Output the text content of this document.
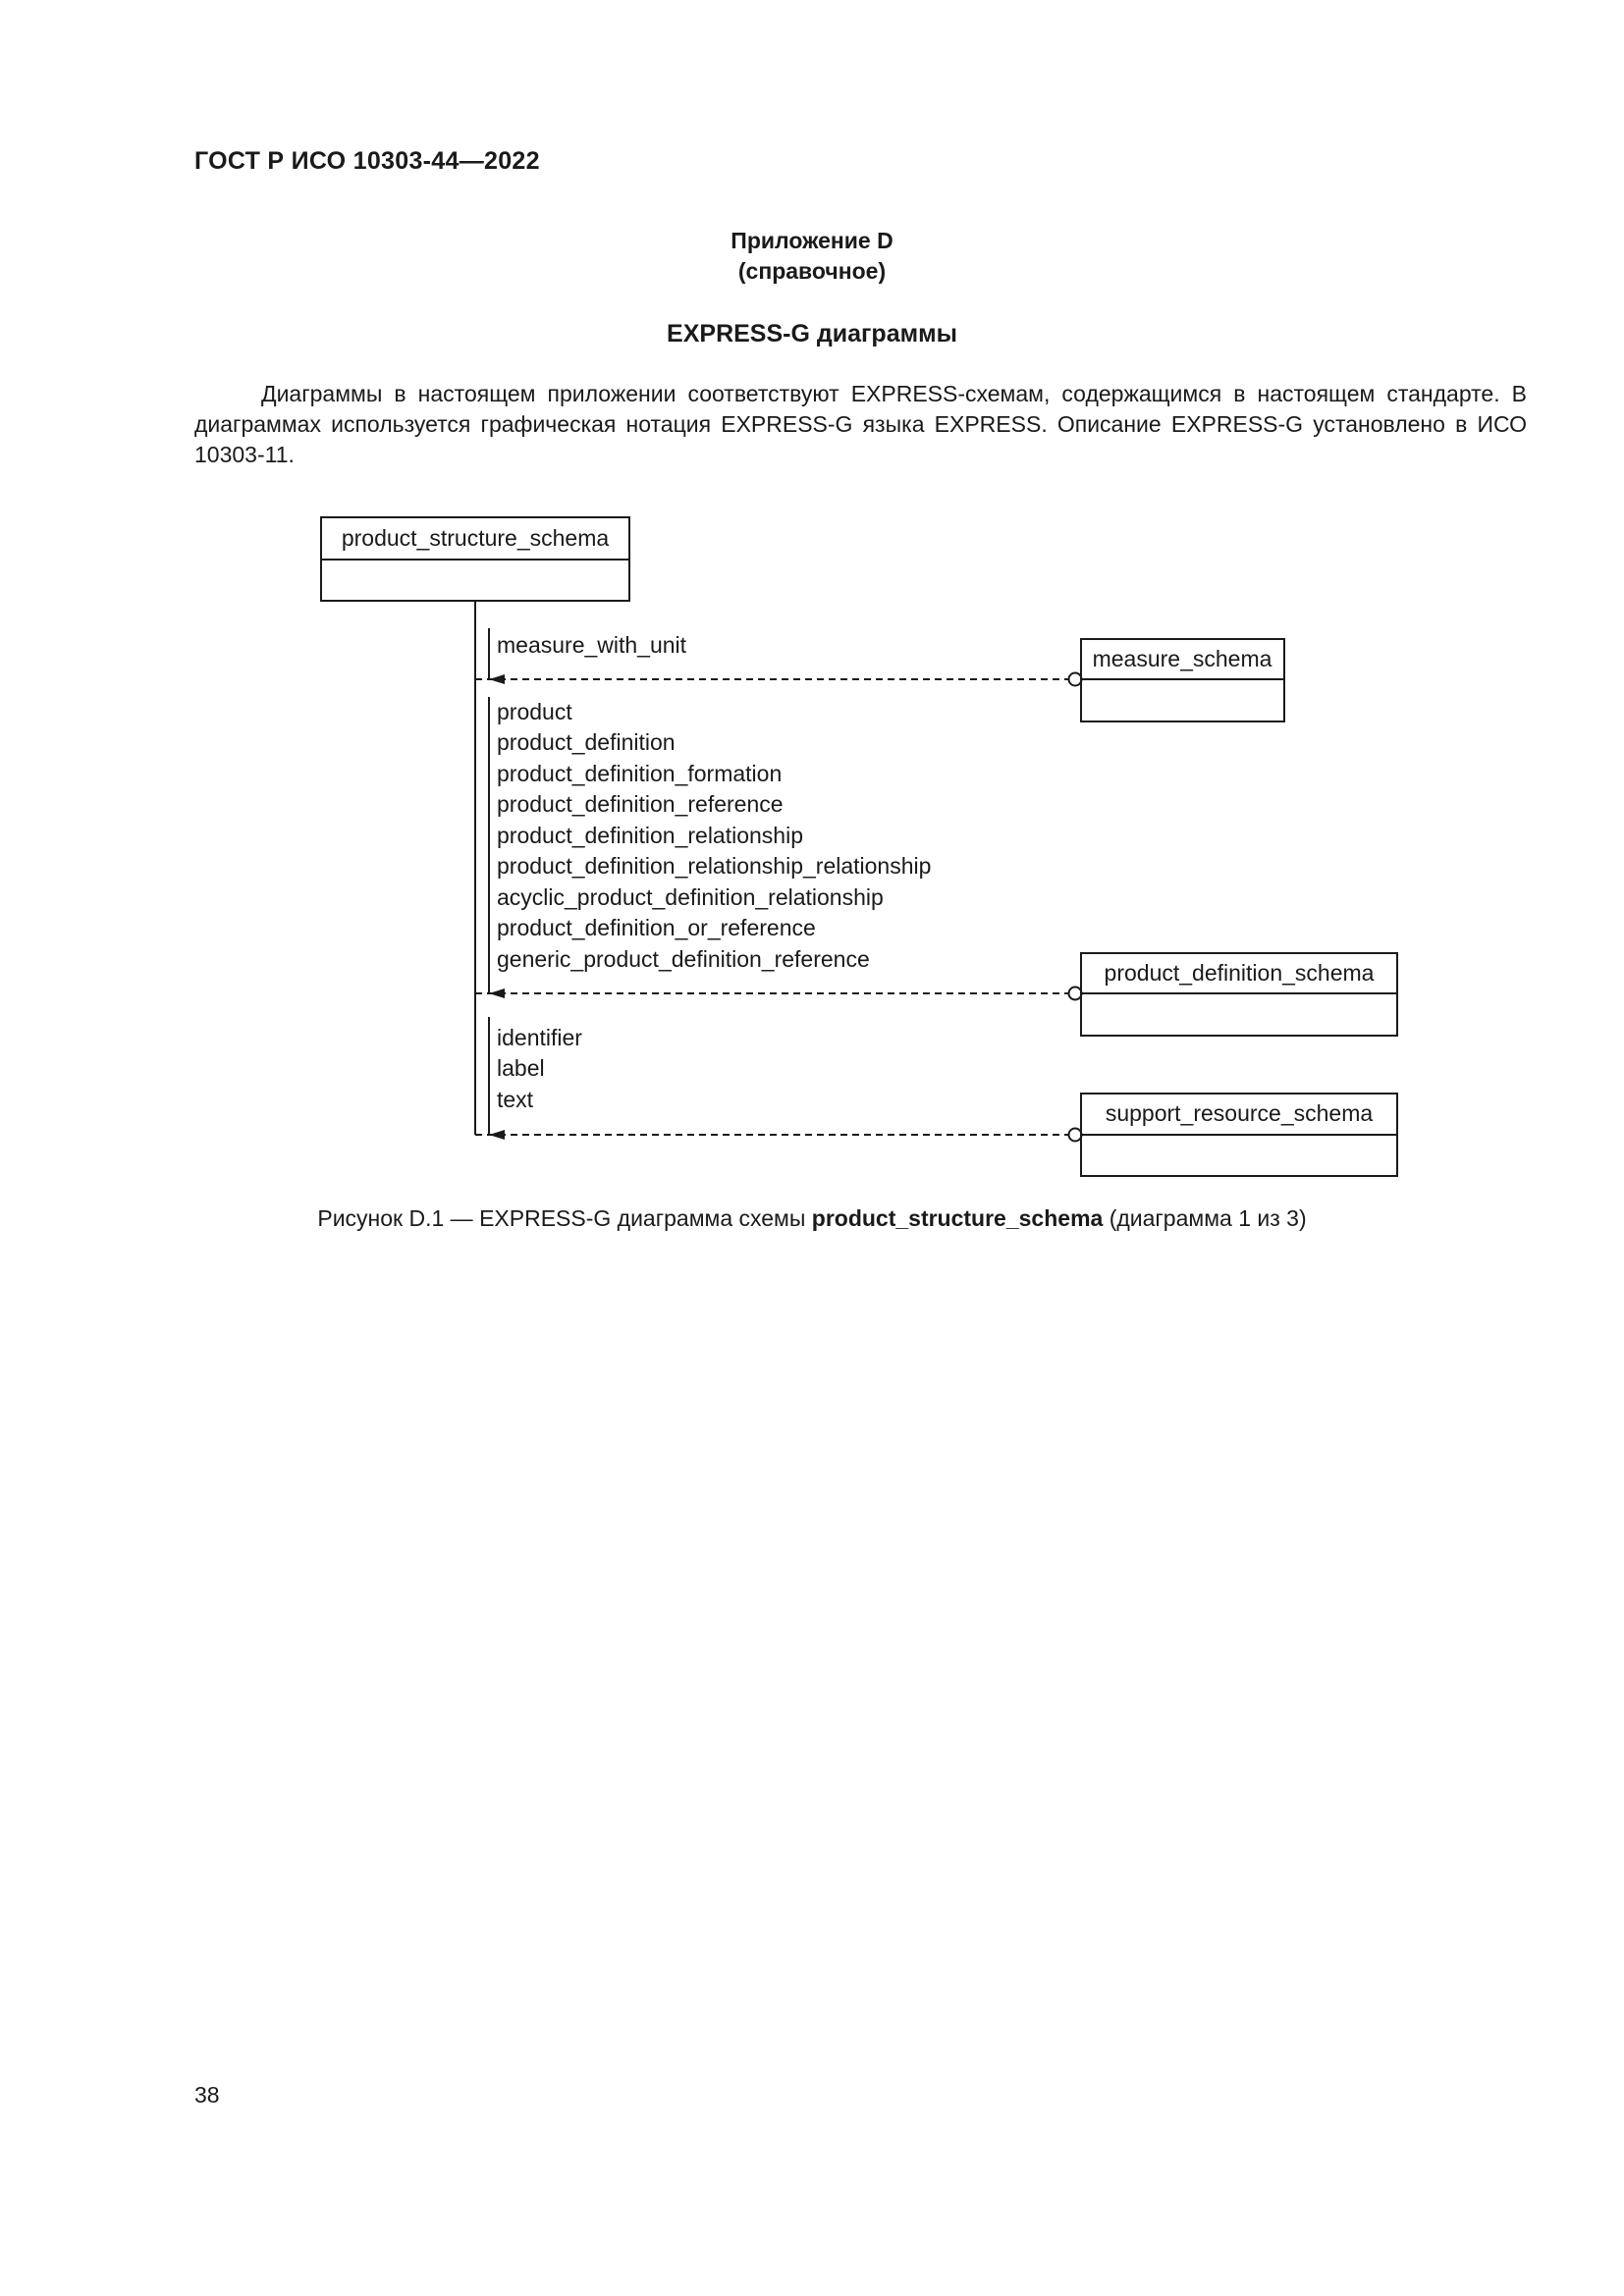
ГОСТ Р ИСО 10303-44—2022
Приложение D
(справочное)
EXPRESS-G диаграммы

Диаграммы в настоящем приложении соответствуют EXPRESS-схемам, содержащимся в настоящем стандарте. В диаграммах используется графическая нотация EXPRESS-G языка EXPRESS. Описание EXPRESS-G установлено в ИСО 10303-11.

product_structure_schema
measure_with_unit
measure_schema
product
product_definition
product_definition_formation
product_definition_reference
product_definition_relationship
product_definition_relationship_relationship
acyclic_product_definition_relationship
product_definition_or_reference
generic_product_definition_reference
product_definition_schema
identifier
label
text
support_resource_schema
Рисунок D.1 — EXPRESS-G диаграмма схемы product_structure_schema (диаграмма 1 из 3)
38
